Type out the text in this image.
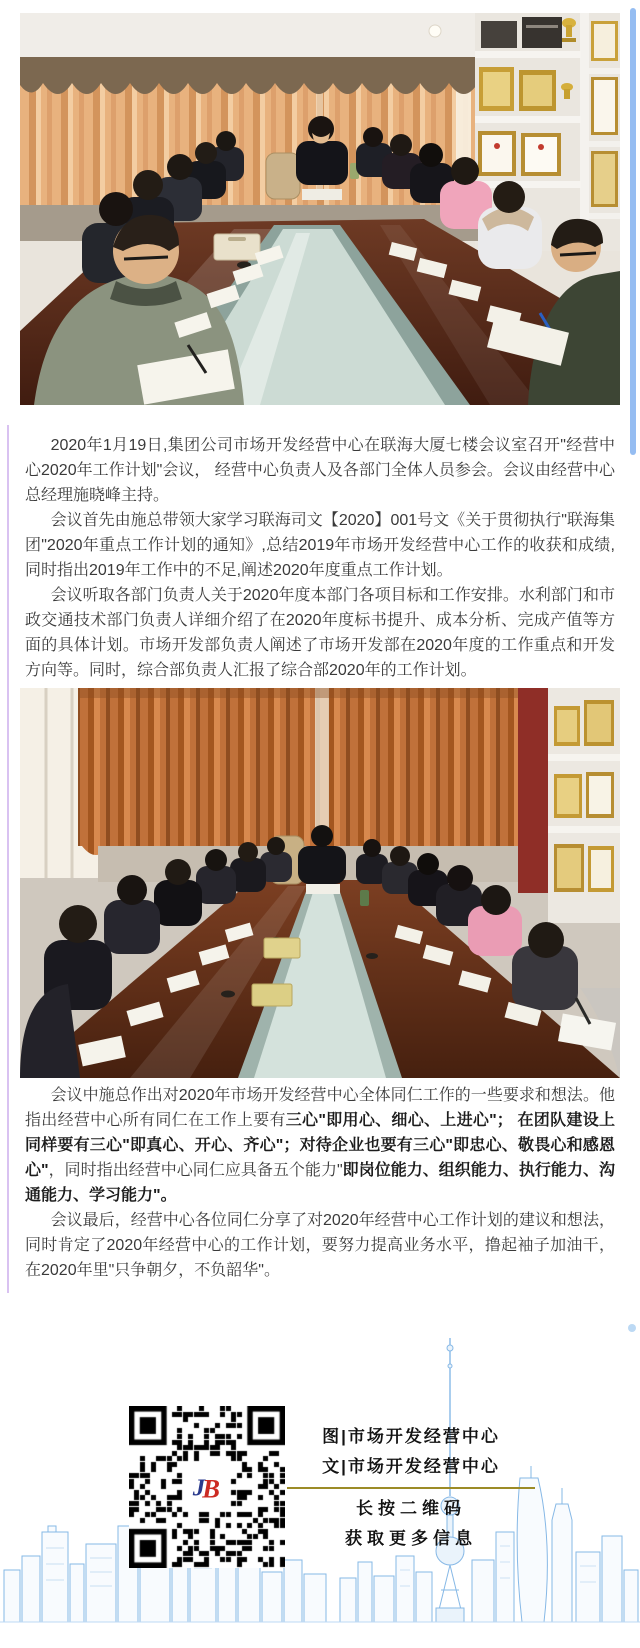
2020年1月19日,集团公司市场开发经营中心在联海大厦七楼会议室召开"经营中心2020年工作计划"会议， 经营中心负责人及各部门全体人员参会。会议由经营中心总经理施晓峰主持。

会议首先由施总带领大家学习联海司文【2020】001号文《关于贯彻执行"联海集团"2020年重点工作计划的通知》,总结2019年市场开发经营中心工作的收获和成绩,同时指出2019年工作中的不足,阐述2020年度重点工作计划。

会议听取各部门负责人关于2020年度本部门各项目标和工作安排。水利部门和市政交通技术部门负责人详细介绍了在2020年度标书提升、成本分析、完成产值等方面的具体计划。市场开发部负责人阐述了市场开发部在2020年度的工作重点和开发方向等。同时，综合部负责人汇报了综合部2020年的工作计划。

会议中施总作出对2020年市场开发经营中心全体同仁工作的一些要求和想法。他指出经营中心所有同仁在工作上要有三心"即用心、细心、上进心"； 在团队建设上同样要有三心"即真心、开心、齐心"；对待企业也要有三心"即忠心、敬畏心和感恩心"，同时指出经营中心同仁应具备五个能力"即岗位能力、组织能力、执行能力、沟通能力、学习能力"。

会议最后，经营中心各位同仁分享了对2020年经营中心工作计划的建议和想法，同时肯定了2020年经营中心的工作计划，要努力提高业务水平，撸起袖子加油干，在2020年里"只争朝夕，不负韶华"。

J
B
图|市场开发经营中心
文|市场开发经营中心
长按二维码
获取更多信息
